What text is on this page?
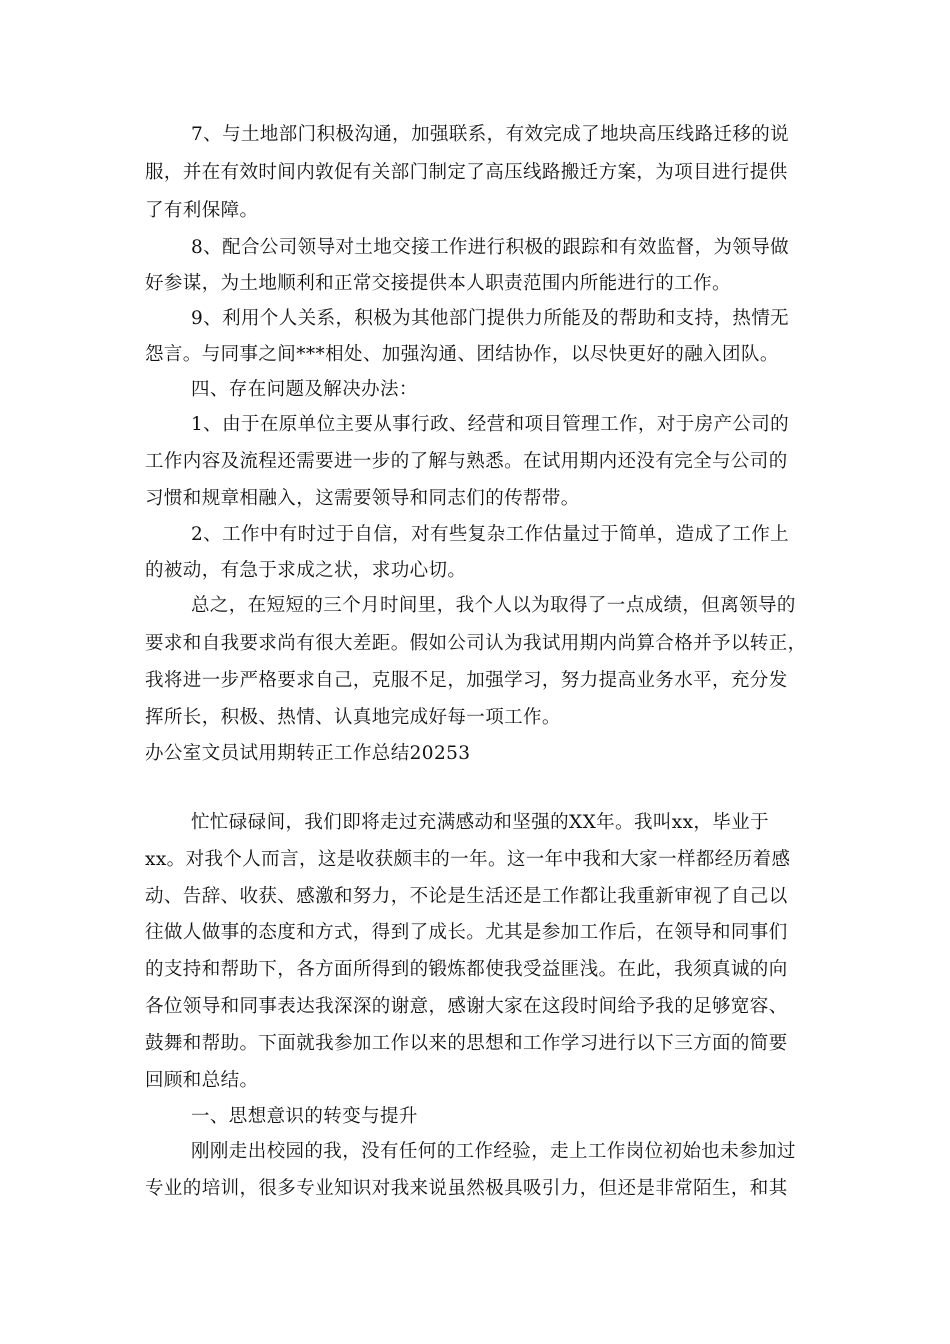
7、与土地部门积极沟通，加强联系，有效完成了地块高压线路迁移的说
服，并在有效时间内敦促有关部门制定了高压线路搬迁方案，为项目进行提供
了有利保障。
8、配合公司领导对土地交接工作进行积极的跟踪和有效监督，为领导做
好参谋，为土地顺利和正常交接提供本人职责范围内所能进行的工作。
9、利用个人关系，积极为其他部门提供力所能及的帮助和支持，热情无
怨言。与同事之间***相处、加强沟通、团结协作，以尽快更好的融入团队。
四、存在问题及解决办法：
1、由于在原单位主要从事行政、经营和项目管理工作，对于房产公司的
工作内容及流程还需要进一步的了解与熟悉。在试用期内还没有完全与公司的
习惯和规章相融入，这需要领导和同志们的传帮带。
2、工作中有时过于自信，对有些复杂工作估量过于简单，造成了工作上
的被动，有急于求成之状，求功心切。
总之，在短短的三个月时间里，我个人以为取得了一点成绩，但离领导的
要求和自我要求尚有很大差距。假如公司认为我试用期内尚算合格并予以转正，
我将进一步严格要求自己，克服不足，加强学习，努力提高业务水平，充分发
挥所长，积极、热情、认真地完成好每一项工作。
办公室文员试用期转正工作总结20253
忙忙碌碌间，我们即将走过充满感动和坚强的XX年。我叫xx，毕业于
xx。对我个人而言，这是收获颇丰的一年。这一年中我和大家一样都经历着感
动、告辞、收获、感激和努力，不论是生活还是工作都让我重新审视了自己以
往做人做事的态度和方式，得到了成长。尤其是参加工作后，在领导和同事们
的支持和帮助下，各方面所得到的锻炼都使我受益匪浅。在此，我须真诚的向
各位领导和同事表达我深深的谢意，感谢大家在这段时间给予我的足够宽容、
鼓舞和帮助。下面就我参加工作以来的思想和工作学习进行以下三方面的简要
回顾和总结。
一、思想意识的转变与提升
刚刚走出校园的我，没有任何的工作经验，走上工作岗位初始也未参加过
专业的培训，很多专业知识对我来说虽然极具吸引力，但还是非常陌生，和其
